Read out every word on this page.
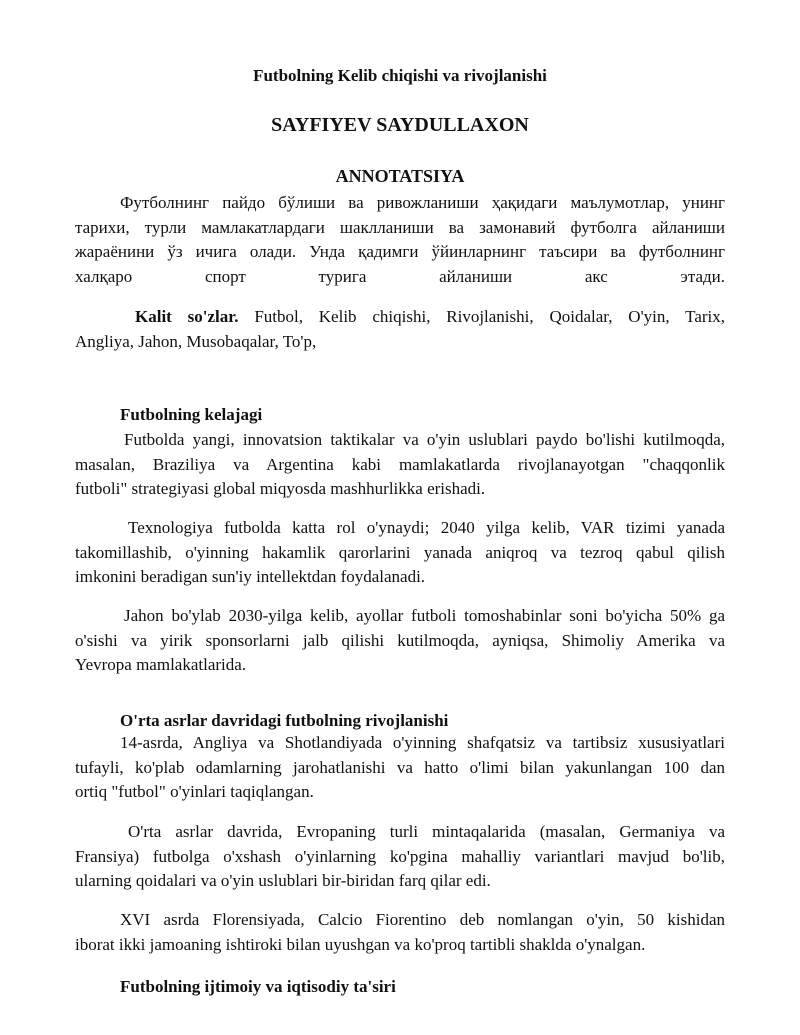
Futbolning Kelib chiqishi va rivojlanishi
SAYFIYEV SAYDULLAXON
ANNOTATSIYA
Футболнинг пайдо бўлиши ва ривожланиши ҳақидаги маълумотлар, унинг
тарихи, турли мамлакатлардаги шаклланиши ва замонавий футболга айланиши
жараёнини ўз ичига олади. Унда қадимги ўйинларнинг таъсири ва футболнинг
халқаро спорт турига айланиши акс этади.
Kalit so'zlar. Futbol, Kelib chiqishi, Rivojlanishi, Qoidalar, O'yin, Tarix,
Angliya, Jahon, Musobaqalar, To'p,
Futbolning kelajagi
Futbolda yangi, innovatsion taktikalar va o'yin uslublari paydo bo'lishi kutilmoqda,
masalan, Braziliya va Argentina kabi mamlakatlarda rivojlanayotgan "chaqqonlik
futboli" strategiyasi global miqyosda mashhurlikka erishadi.
Texnologiya futbolda katta rol o'ynaydi; 2040 yilga kelib, VAR tizimi yanada
takomillashib, o'yinning hakamlik qarorlarini yanada aniqroq va tezroq qabul qilish
imkonini beradigan sun'iy intellektdan foydalanadi.
Jahon bo'ylab 2030-yilga kelib, ayollar futboli tomoshabinlar soni bo'yicha 50% ga
o'sishi va yirik sponsorlarni jalb qilishi kutilmoqda, ayniqsa, Shimoliy Amerika va
Yevropa mamlakatlarida.
O'rta asrlar davridagi futbolning rivojlanishi
14-asrda, Angliya va Shotlandiyada o'yinning shafqatsiz va tartibsiz xususiyatlari
tufayli, ko'plab odamlarning jarohatlanishi va hatto o'limi bilan yakunlangan 100 dan
ortiq "futbol" o'yinlari taqiqlangan.
O'rta asrlar davrida, Evropaning turli mintaqalarida (masalan, Germaniya va
Fransiya) futbolga o'xshash o'yinlarning ko'pgina mahalliy variantlari mavjud bo'lib,
ularning qoidalari va o'yin uslublari bir-biridan farq qilar edi.
XVI asrda Florensiyada, Calcio Fiorentino deb nomlangan o'yin, 50 kishidan
iborat ikki jamoaning ishtiroki bilan uyushgan va ko'proq tartibli shaklda o'ynalgan.
Futbolning ijtimoiy va iqtisodiy ta'siri
